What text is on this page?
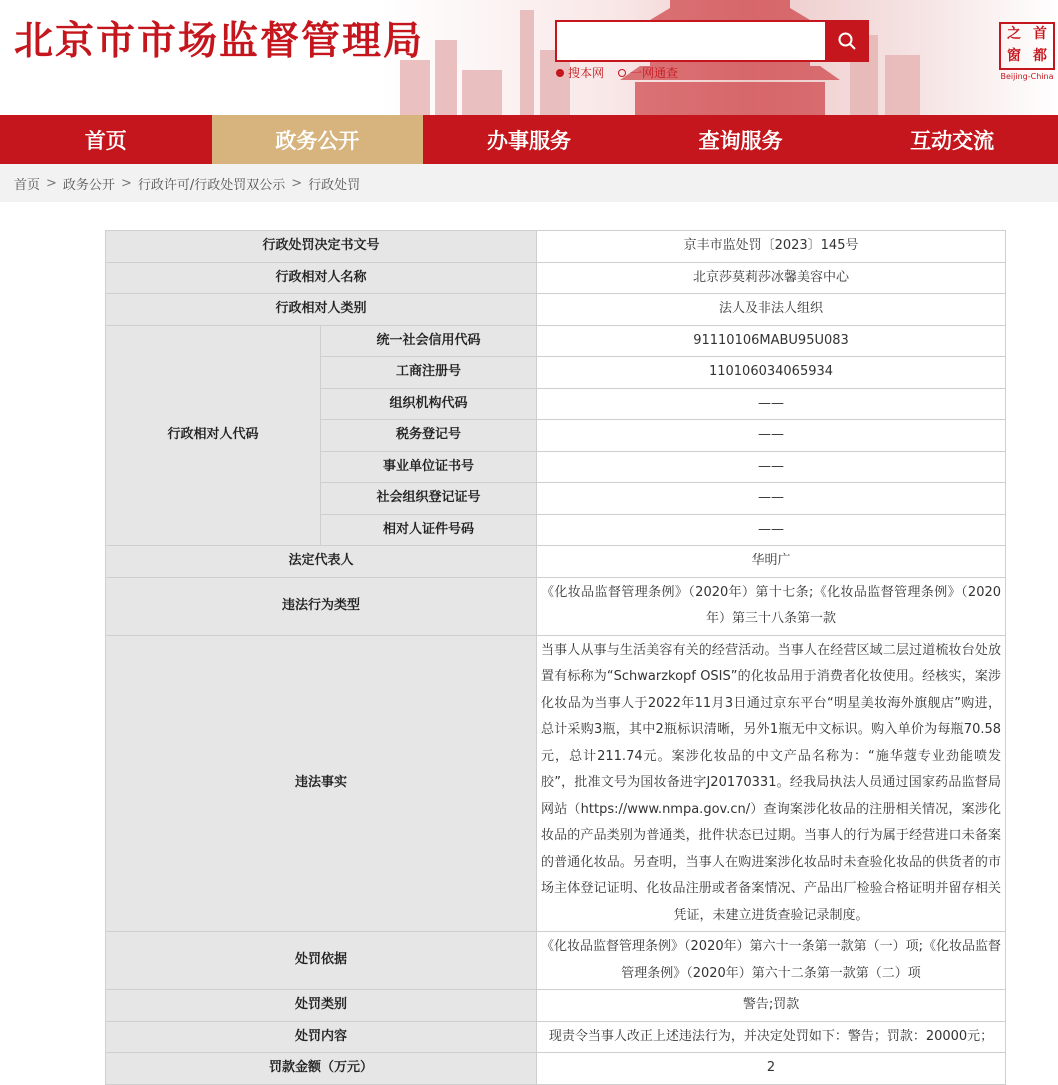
北京市市场监督管理局
搜本网 一网通查
之 首
窗 都
Beijing-China
首页	政务公开	办事服务	查询服务	互动交流
首页 > 政务公开 > 行政许可/行政处罚双公示 > 行政处罚
行政处罚决定书文号		京丰市监处罚〔2023〕145号
行政相对人名称		北京莎莫莉莎冰馨美容中心
行政相对人类别		法人及非法人组织
行政相对人代码	统一社会信用代码	91110106MABU95U083
	工商注册号	110106034065934
	组织机构代码	——
	税务登记号	——
	事业单位证书号	——
	社会组织登记证号	——
	相对人证件号码	——
法定代表人		华明广
违法行为类型		《化妆品监督管理条例》（2020年）第十七条;《化妆品监督管理条例》（2020年）第三十八条第一款
违法事实		当事人从事与生活美容有关的经营活动。当事人在经营区域二层过道梳妆台处放置有标称为“Schwarzkopf OSIS”的化妆品用于消费者化妆使用。经核实，案涉化妆品为当事人于2022年11月3日通过京东平台“明星美妆海外旗舰店”购进，总计采购3瓶，其中2瓶标识清晰，另外1瓶无中文标识。购入单价为每瓶70.58元，总计211.74元。案涉化妆品的中文产品名称为：“施华蔻专业劲能喷发胶”，批准文号为国妆备进字J20170331。经我局执法人员通过国家药品监督局网站（https://www.nmpa.gov.cn/）查询案涉化妆品的注册相关情况，案涉化妆品的产品类别为普通类，批件状态已过期。当事人的行为属于经营进口未备案的普通化妆品。另查明，当事人在购进案涉化妆品时未查验化妆品的供货者的市场主体登记证明、化妆品注册或者备案情况、产品出厂检验合格证明并留存相关凭证，未建立进货查验记录制度。
处罚依据		《化妆品监督管理条例》（2020年）第六十一条第一款第（一）项;《化妆品监督管理条例》（2020年）第六十二条第一款第（二）项
处罚类别		警告;罚款
处罚内容		现责令当事人改正上述违法行为，并决定处罚如下：警告；罚款：20000元；
罚款金额（万元）		2
